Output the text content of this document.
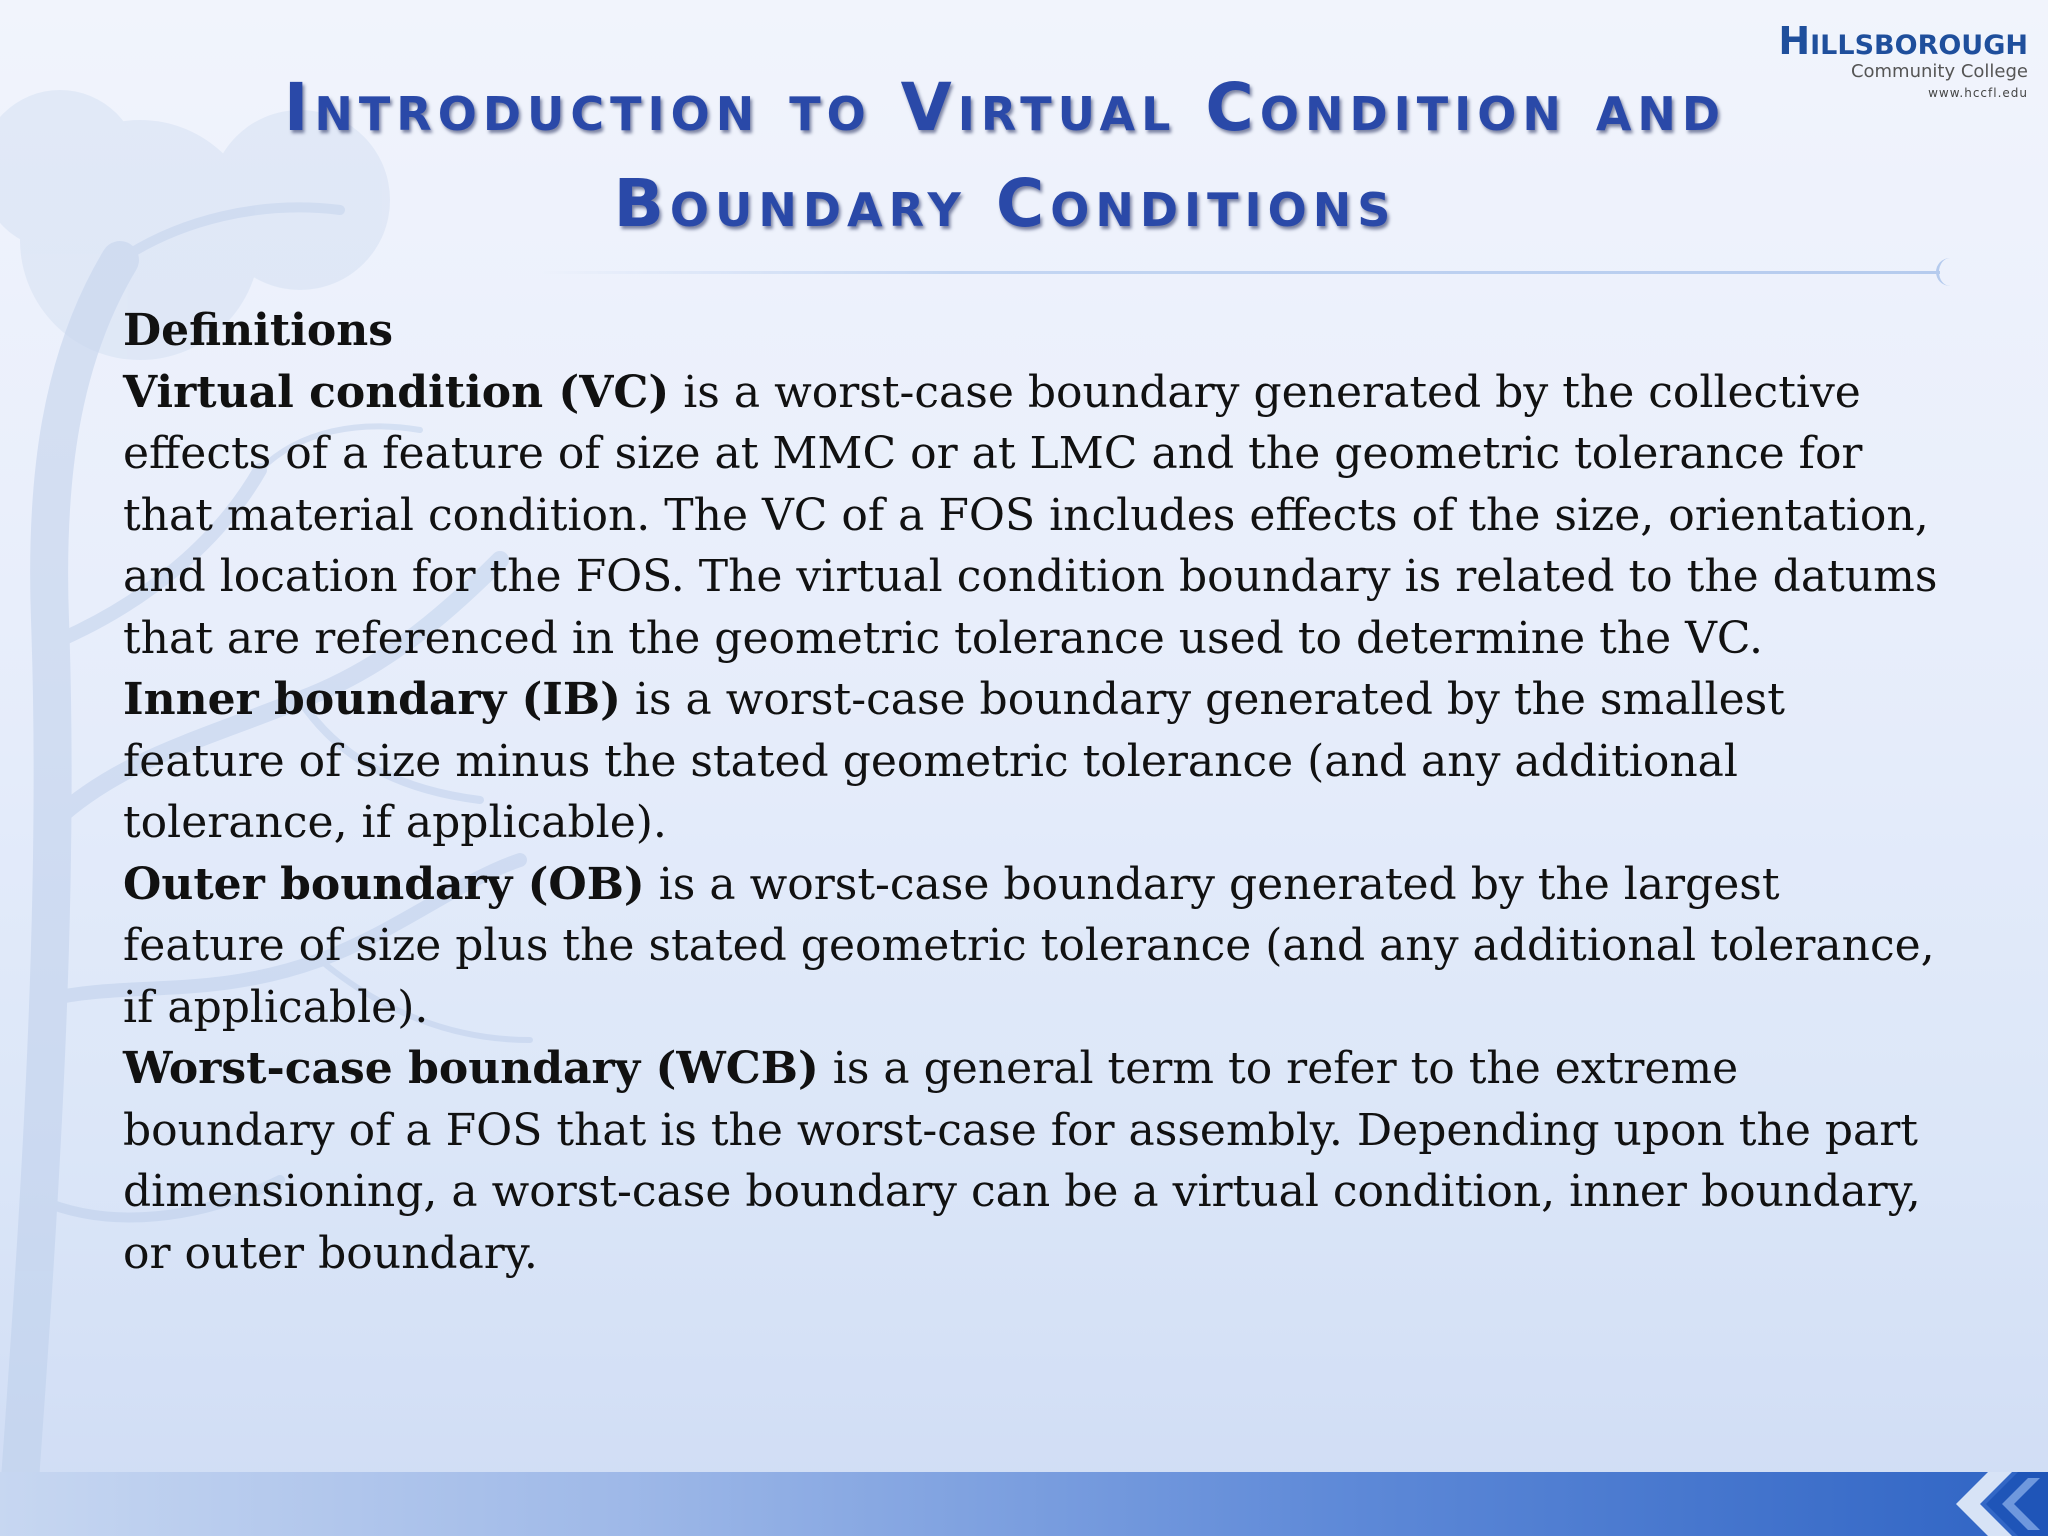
Hillsborough
Community College
www.hccfl.edu
Introduction to Virtual Condition and
Boundary Conditions

Definitions

Virtual condition (VC) is a worst-case boundary generated by the collective effects of a feature of size at MMC or at LMC and the geometric tolerance for that material condition. The VC of a FOS includes effects of the size, orientation, and location for the FOS. The virtual condition boundary is related to the datums that are referenced in the geometric tolerance used to determine the VC.

Inner boundary (IB) is a worst-case boundary generated by the smallest feature of size minus the stated geometric tolerance (and any additional tolerance, if applicable).

Outer boundary (OB) is a worst-case boundary generated by the largest feature of size plus the stated geometric tolerance (and any additional tolerance, if applicable).

Worst-case boundary (WCB) is a general term to refer to the extreme boundary of a FOS that is the worst-case for assembly. Depending upon the part dimensioning, a worst-case boundary can be a virtual condition, inner boundary, or outer boundary.
